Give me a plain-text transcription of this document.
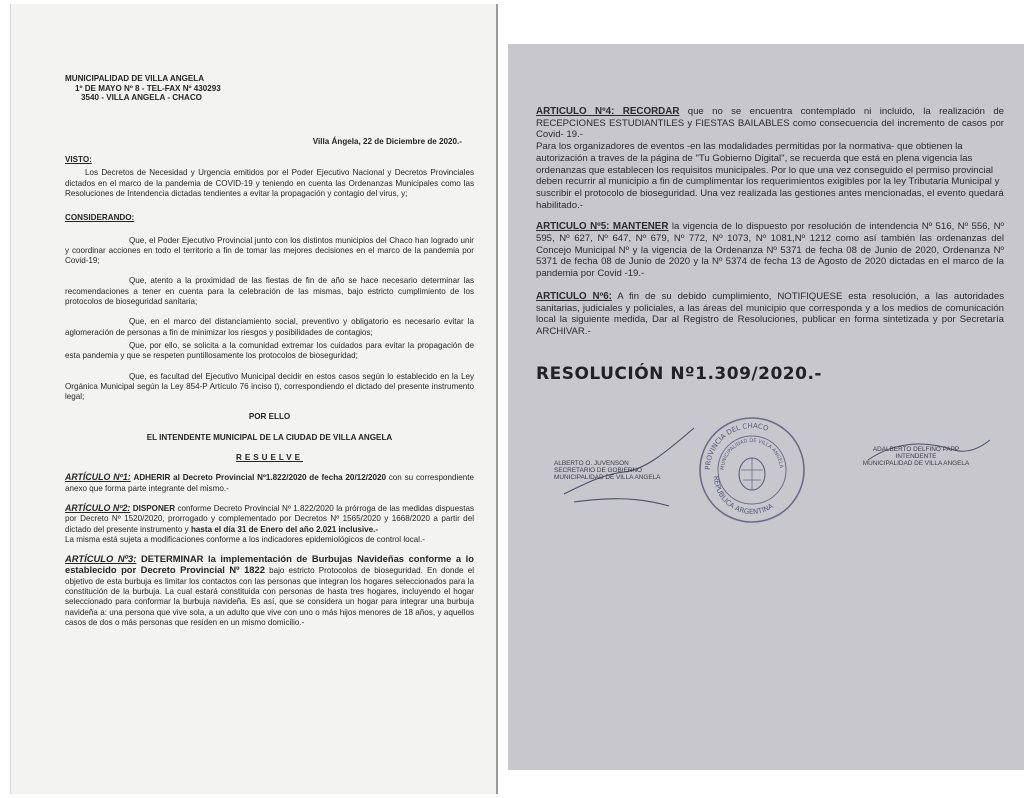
MUNICIPALIDAD DE VILLA ANGELA
1º DE MAYO Nº 8 - TEL-FAX Nº 430293
3540 - VILLA ANGELA - CHACO
Villa Ángela, 22 de Diciembre de 2020.-
VISTO:

Los Decretos de Necesidad y Urgencia emitidos por el Poder Ejecutivo Nacional y Decretos Provinciales dictados en el marco de la pandemia de COVID-19 y teniendo en cuenta las Ordenanzas Municipales como las Resoluciones de Intendencia dictadas tendientes a evitar la propagación y contagio del virus, y;

CONSIDERANDO:

Que, el Poder Ejecutivo Provincial junto con los distintos municipios del Chaco han logrado unir y coordinar acciones en todo el territorio a fin de tomar las mejores decisiones en el marco de la pandemia por Covid-19;

Que, atento a la proximidad de las fiestas de fin de año se hace necesario determinar las recomendaciones a tener en cuenta para la celebración de las mismas, bajo estricto cumplimiento de los protocolos de bioseguridad sanitaria;

Que, en el marco del distanciamiento social, preventivo y obligatorio es necesario evitar la aglomeración de personas a fin de minimizar los riesgos y posibilidades de contagios;

Que, por ello, se solicita a la comunidad extremar los cuidados para evitar la propagación de esta pandemia y que se respeten puntillosamente los protocolos de bioseguridad;

Que, es facultad del Ejecutivo Municipal decidir en estos casos según lo establecido en la Ley Orgánica Municipal según la Ley 854-P Artículo 76 inciso t), correspondiendo el dictado del presente instrumento legal;

POR ELLO
EL INTENDENTE MUNICIPAL DE LA CIUDAD DE VILLA ANGELA
RESUELVE

ARTÍCULO Nº1: ADHERIR al Decreto Provincial Nº1.822/2020 de fecha 20/12/2020 con su correspondiente anexo que forma parte integrante del mismo.-

ARTÍCULO Nº2: DISPONER conforme Decreto Provincial Nº 1.822/2020 la prórroga de las medidas dispuestas por Decreto Nº 1520/2020, prorrogado y complementado por Decretos Nº 1565/2020 y 1668/2020 a partir del dictado del presente instrumento y hasta el día 31 de Enero del año 2.021 inclusive.-

La misma está sujeta a modificaciones conforme a los indicadores epidemiológicos de control local.-

ARTÍCULO Nº3: DETERMINAR la implementación de Burbujas Navideñas conforme a lo establecido por Decreto Provincial Nº 1822 bajo estricto Protocolos de bioseguridad. En donde el objetivo de esta burbuja es limitar los contactos con las personas que integran los hogares seleccionados para la constitución de la burbuja. La cual estará constituida con personas de hasta tres hogares, incluyendo el hogar seleccionado para conformar la burbuja navideña. Es así, que se considera un hogar para integrar una burbuja navideña a: una persona que vive sola, a un adulto que vive con uno o más hijos menores de 18 años, y aquellos casos de dos o más personas que residen en un mismo domicilio.-

ARTICULO Nº4: RECORDAR que no se encuentra contemplado ni incluido, la realización de RECEPCIONES ESTUDIANTILES y FIESTAS BAILABLES como consecuencia del incremento de casos por Covid- 19.-

Para los organizadores de eventos -en las modalidades permitidas por la normativa- que obtienen la autorización a traves de la página de "Tu Gobierno Digital", se recuerda que está en plena vigencia las ordenanzas que establecen los requisitos municipales. Por lo que una vez conseguido el permiso provincial deben recurrir al municipio a fin de cumplimentar los requerimientos exigibles por la ley Tributaria Municipal y suscribir el protocolo de bioseguridad. Una vez realizada las gestiones antes mencionadas, el evento quedará habilitado.-

ARTICULO Nº5: MANTENER la vigencia de lo dispuesto por resolución de intendencia Nº 516, Nº 556, Nº 595, Nº 627, Nº 647, Nº 679, Nº 772, Nº 1073, Nº 1081,Nº 1212 como así también las ordenanzas del Concejo Municipal Nº y la vigencia de la Ordenanza Nº 5371 de fecha 08 de Junio de 2020, Ordenanza Nº 5371 de fecha 08 de Junio de 2020 y la Nº 5374 de fecha 13 de Agosto de 2020 dictadas en el marco de la pandemia por Covid -19.-

ARTICULO Nº6: A fin de su debido cumplimiento, NOTIFIQUESE esta resolución, a las autoridades sanitarias, judiciales y policiales, a las áreas del municipio que corresponda y a los medios de comunicación local la siguiente medida, Dar al Registro de Resoluciones, publicar en forma sintetizada y por Secretaría ARCHIVAR.-

RESOLUCIÓN Nº1.309/2020.-
ALBERTO O. JUVENSON
SECRETARIO DE GOBIERNO
MUNICIPALIDAD DE VILLA ANGELA
PROVINCIA DEL CHACO
MUNICIPALIDAD DE VILLA ANGELA
REPUBLICA ARGENTINA
ADALBERTO DELFINO PAPP
INTENDENTE
MUNICIPALIDAD DE VILLA ANGELA
